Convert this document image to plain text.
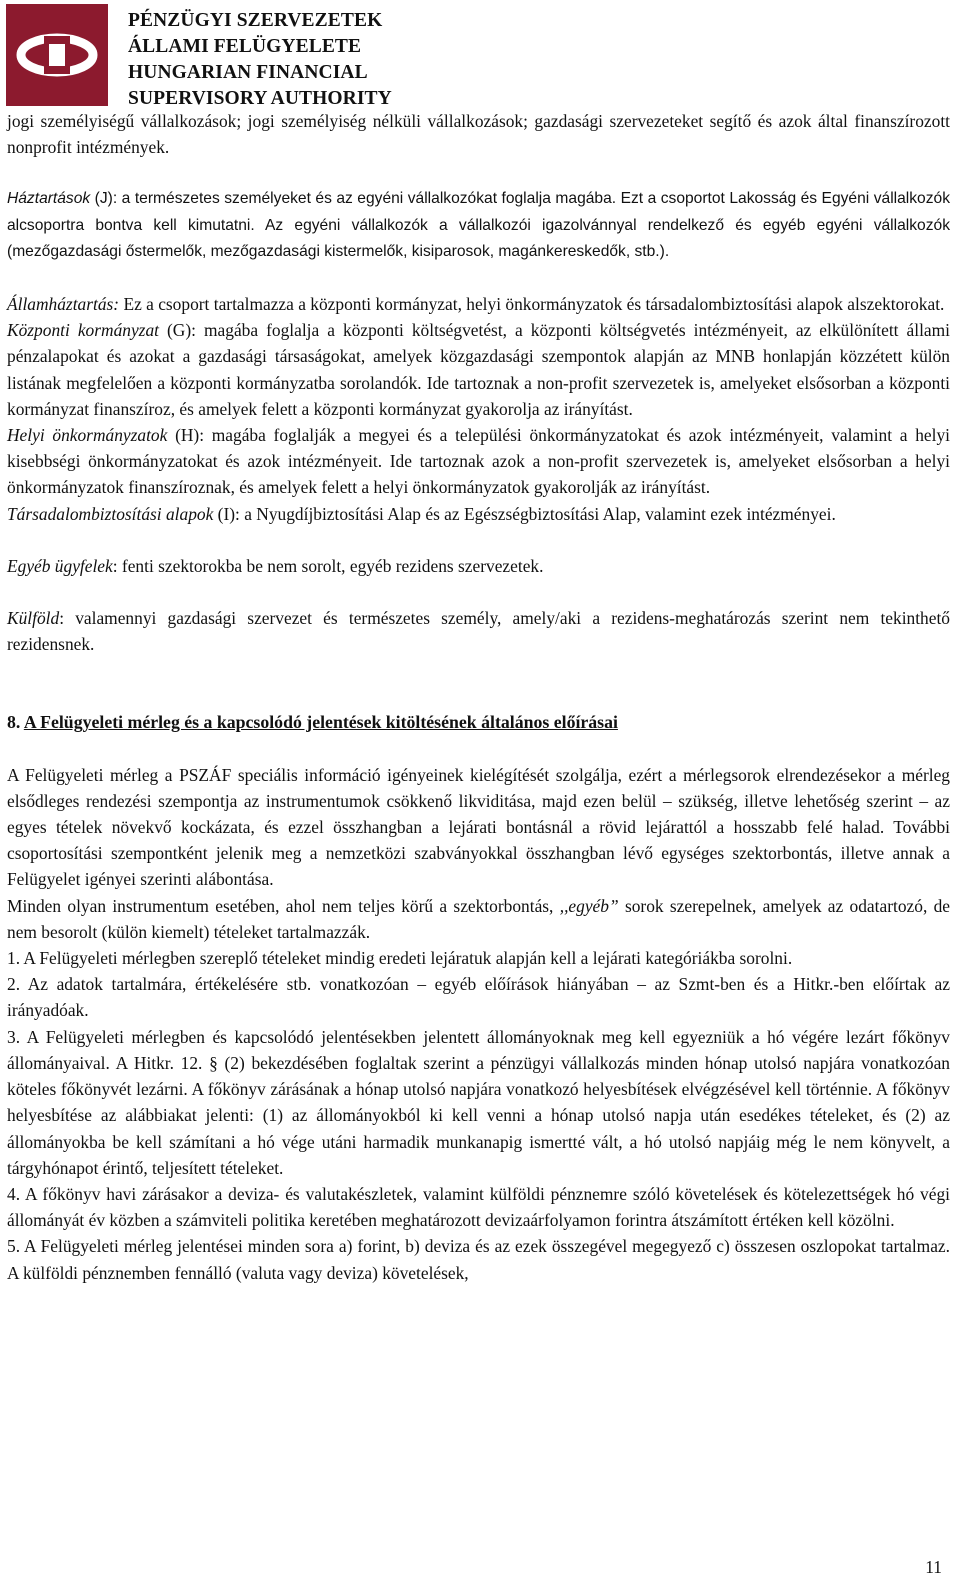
PÉNZÜGYI SZERVEZETEK
ÁLLAMI FELÜGYELETE
HUNGARIAN FINANCIAL
SUPERVISORY AUTHORITY

jogi személyiségű vállalkozások; jogi személyiség nélküli vállalkozások; gazdasági szervezeteket segítő és azok által finanszírozott nonprofit intézmények.

Háztartások (J): a természetes személyeket és az egyéni vállalkozókat foglalja magába. Ezt a csoportot Lakosság és Egyéni vállalkozók alcsoportra bontva kell kimutatni. Az egyéni vállalkozók a vállalkozói igazolvánnyal rendelkező és egyéb egyéni vállalkozók (mezőgazdasági őstermelők, mezőgazdasági kistermelők, kisiparosok, magánkereskedők, stb.).

Államháztartás: Ez a csoport tartalmazza a központi kormányzat, helyi önkormányzatok és társadalombiztosítási alapok alszektorokat.

Központi kormányzat (G): magába foglalja a központi költségvetést, a központi költségvetés intézményeit, az elkülönített állami pénzalapokat és azokat a gazdasági társaságokat, amelyek közgazdasági szempontok alapján az MNB honlapján közzétett külön listának megfelelően a központi kormányzatba sorolandók. Ide tartoznak a non-profit szervezetek is, amelyeket elsősorban a központi kormányzat finanszíroz, és amelyek felett a központi kormányzat gyakorolja az irányítást.

Helyi önkormányzatok (H): magába foglalják a megyei és a települési önkormányzatokat és azok intézményeit, valamint a helyi kisebbségi önkormányzatokat és azok intézményeit. Ide tartoznak azok a non-profit szervezetek is, amelyeket elsősorban a helyi önkormányzatok finanszíroznak, és amelyek felett a helyi önkormányzatok gyakorolják az irányítást.

Társadalombiztosítási alapok (I): a Nyugdíjbiztosítási Alap és az Egészségbiztosítási Alap, valamint ezek intézményei.

Egyéb ügyfelek: fenti szektorokba be nem sorolt, egyéb rezidens szervezetek.

Külföld: valamennyi gazdasági szervezet és természetes személy, amely/aki a rezidens-meghatározás szerint nem tekinthető rezidensnek.

8. A Felügyeleti mérleg és a kapcsolódó jelentések kitöltésének általános előírásai

A Felügyeleti mérleg a PSZÁF speciális információ igényeinek kielégítését szolgálja, ezért a mérlegsorok elrendezésekor a mérleg elsődleges rendezési szempontja az instrumentumok csökkenő likviditása, majd ezen belül – szükség, illetve lehetőség szerint – az egyes tételek növekvő kockázata, és ezzel összhangban a lejárati bontásnál a rövid lejárattól a hosszabb felé halad. További csoportosítási szempontként jelenik meg a nemzetközi szabványokkal összhangban lévő egységes szektorbontás, illetve annak a Felügyelet igényei szerinti alábontása.

Minden olyan instrumentum esetében, ahol nem teljes körű a szektorbontás, ,,egyéb” sorok szerepelnek, amelyek az odatartozó, de nem besorolt (külön kiemelt) tételeket tartalmazzák.

1. A Felügyeleti mérlegben szereplő tételeket mindig eredeti lejáratuk alapján kell a lejárati kategóriákba sorolni.

2. Az adatok tartalmára, értékelésére stb. vonatkozóan – egyéb előírások hiányában – az Szmt-ben és a Hitkr.-ben előírtak az irányadóak.

3. A Felügyeleti mérlegben és kapcsolódó jelentésekben jelentett állományoknak meg kell egyezniük a hó végére lezárt főkönyv állományaival. A Hitkr. 12. § (2) bekezdésében foglaltak szerint a pénzügyi vállalkozás minden hónap utolsó napjára vonatkozóan köteles főkönyvét lezárni. A főkönyv zárásának a hónap utolsó napjára vonatkozó helyesbítések elvégzésével kell történnie. A főkönyv helyesbítése az alábbiakat jelenti: (1) az állományokból ki kell venni a hónap utolsó napja után esedékes tételeket, és (2) az állományokba be kell számítani a hó vége utáni harmadik munkanapig ismertté vált, a hó utolsó napjáig még le nem könyvelt, a tárgyhónapot érintő, teljesített tételeket.

4. A főkönyv havi zárásakor a deviza- és valutakészletek, valamint külföldi pénznemre szóló követelések és kötelezettségek hó végi állományát év közben a számviteli politika keretében meghatározott devizaárfolyamon forintra átszámított értéken kell közölni.

5. A Felügyeleti mérleg jelentései minden sora a) forint, b) deviza és az ezek összegével megegyező c) összesen oszlopokat tartalmaz. A külföldi pénznemben fennálló (valuta vagy deviza) követelések,

11
